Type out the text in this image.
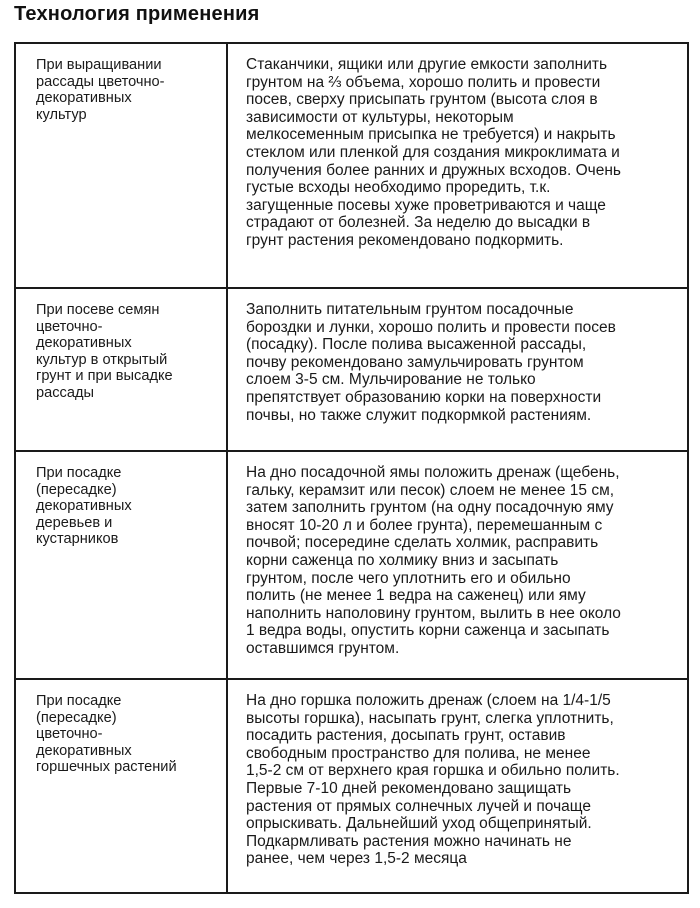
Технология применения
При выращивании
рассады цветочно-
декоративных
культур
Стаканчики, ящики или другие емкости заполнить
грунтом на ⅔ объема, хорошо полить и провести
посев, сверху присыпать грунтом (высота слоя в
зависимости от культуры, некоторым
мелкосеменным присыпка не требуется) и накрыть
стеклом или пленкой для создания микроклимата и
получения более ранних и дружных всходов. Очень
густые всходы необходимо проредить, т.к.
загущенные посевы хуже проветриваются и чаще
страдают от болезней. За неделю до высадки в
грунт растения рекомендовано подкормить.
При посеве семян
цветочно-
декоративных
культур в открытый
грунт и при высадке
рассады
Заполнить питательным грунтом посадочные
бороздки и лунки, хорошо полить и провести посев
(посадку). После полива высаженной рассады,
почву рекомендовано замульчировать грунтом
слоем 3-5 см. Мульчирование не только
препятствует образованию корки на поверхности
почвы, но также служит подкормкой растениям.
При посадке
(пересадке)
декоративных
деревьев и
кустарников
На дно посадочной ямы положить дренаж (щебень,
гальку, керамзит или песок) слоем не менее 15 см,
затем заполнить грунтом (на одну посадочную яму
вносят 10-20 л и более грунта), перемешанным с
почвой; посередине сделать холмик, расправить
корни саженца по холмику вниз и засыпать
грунтом, после чего уплотнить его и обильно
полить (не менее 1 ведра на саженец) или яму
наполнить наполовину грунтом, вылить в нее около
1 ведра воды, опустить корни саженца и засыпать
оставшимся грунтом.
При посадке
(пересадке)
цветочно-
декоративных
горшечных растений
На дно горшка положить дренаж (слоем на 1/4-1/5
высоты горшка), насыпать грунт, слегка уплотнить,
посадить растения, досыпать грунт, оставив
свободным пространство для полива, не менее
1,5-2 см от верхнего края горшка и обильно полить.
Первые 7-10 дней рекомендовано защищать
растения от прямых солнечных лучей и почаще
опрыскивать. Дальнейший уход общепринятый.
Подкармливать растения можно начинать не
ранее, чем через 1,5-2 месяца
